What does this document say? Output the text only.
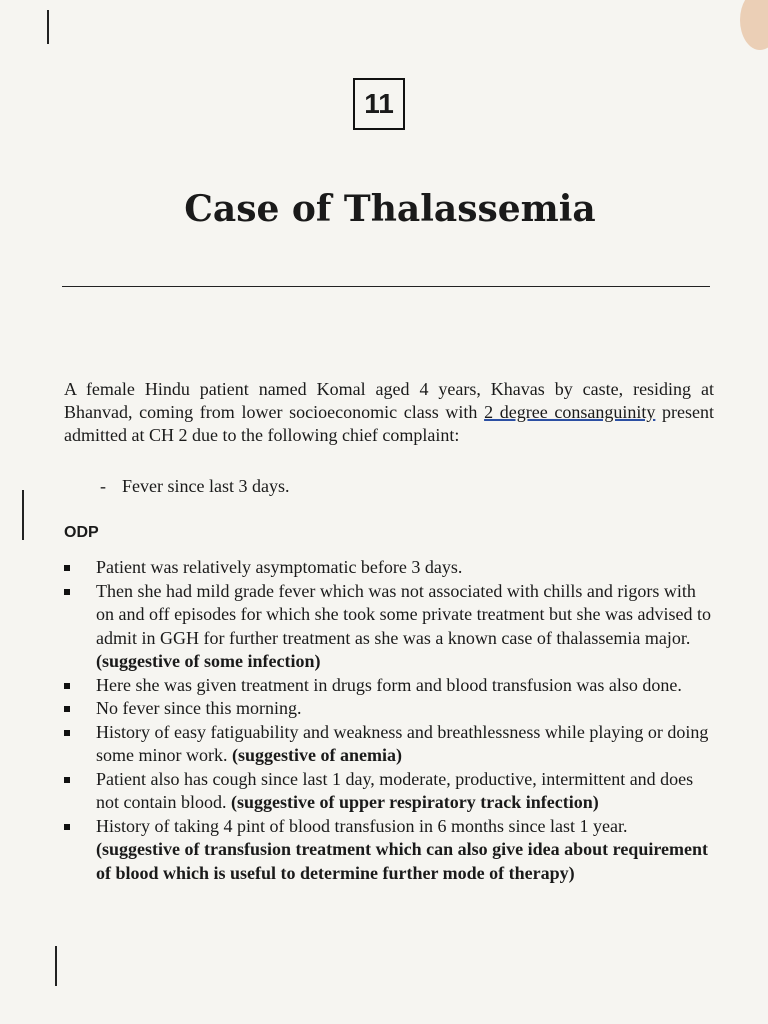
11
Case of Thalassemia

A female Hindu patient named Komal aged 4 years, Khavas by caste, residing at Bhanvad, coming from lower socioeconomic class with 2 degree consanguinity present admitted at CH 2 due to the following chief complaint:

- Fever since last 3 days.
ODP
Patient was relatively asymptomatic before 3 days.
Then she had mild grade fever which was not associated with chills and rigors with on and off episodes for which she took some private treatment but she was advised to admit in GGH for further treatment as she was a known case of thalassemia major. (suggestive of some infection)
Here she was given treatment in drugs form and blood transfusion was also done.
No fever since this morning.
History of easy fatiguability and weakness and breathlessness while playing or doing some minor work. (suggestive of anemia)
Patient also has cough since last 1 day, moderate, productive, intermittent and does not contain blood. (suggestive of upper respiratory track infection)
History of taking 4 pint of blood transfusion in 6 months since last 1 year. (suggestive of transfusion treatment which can also give idea about requirement of blood which is useful to determine further mode of therapy)
